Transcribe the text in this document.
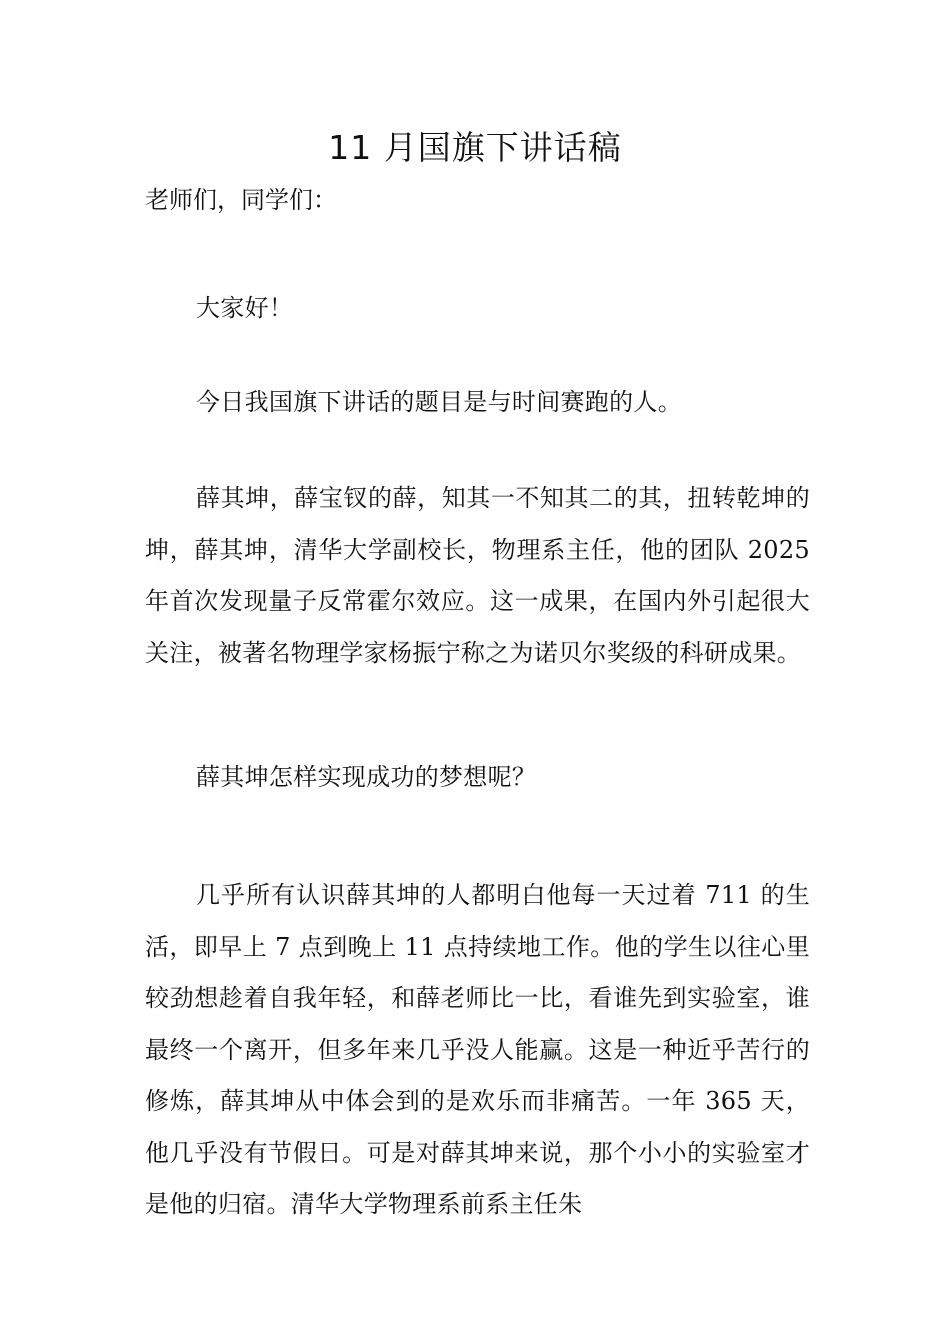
11 月国旗下讲话稿

老师们，同学们：

大家好！

今日我国旗下讲话的题目是与时间赛跑的人。

薛其坤，薛宝钗的薛，知其一不知其二的其，扭转乾坤的坤，薛其坤，清华大学副校长，物理系主任，他的团队 2025 年首次发现量子反常霍尔效应。这一成果，在国内外引起很大关注，被著名物理学家杨振宁称之为诺贝尔奖级的科研成果。

薛其坤怎样实现成功的梦想呢？

几乎所有认识薛其坤的人都明白他每一天过着 711 的生活，即早上 7 点到晚上 11 点持续地工作。他的学生以往心里较劲想趁着自我年轻，和薛老师比一比，看谁先到实验室，谁最终一个离开，但多年来几乎没人能赢。这是一种近乎苦行的修炼，薛其坤从中体会到的是欢乐而非痛苦。一年 365 天，他几乎没有节假日。可是对薛其坤来说，那个小小的实验室才是他的归宿。清华大学物理系前系主任朱
